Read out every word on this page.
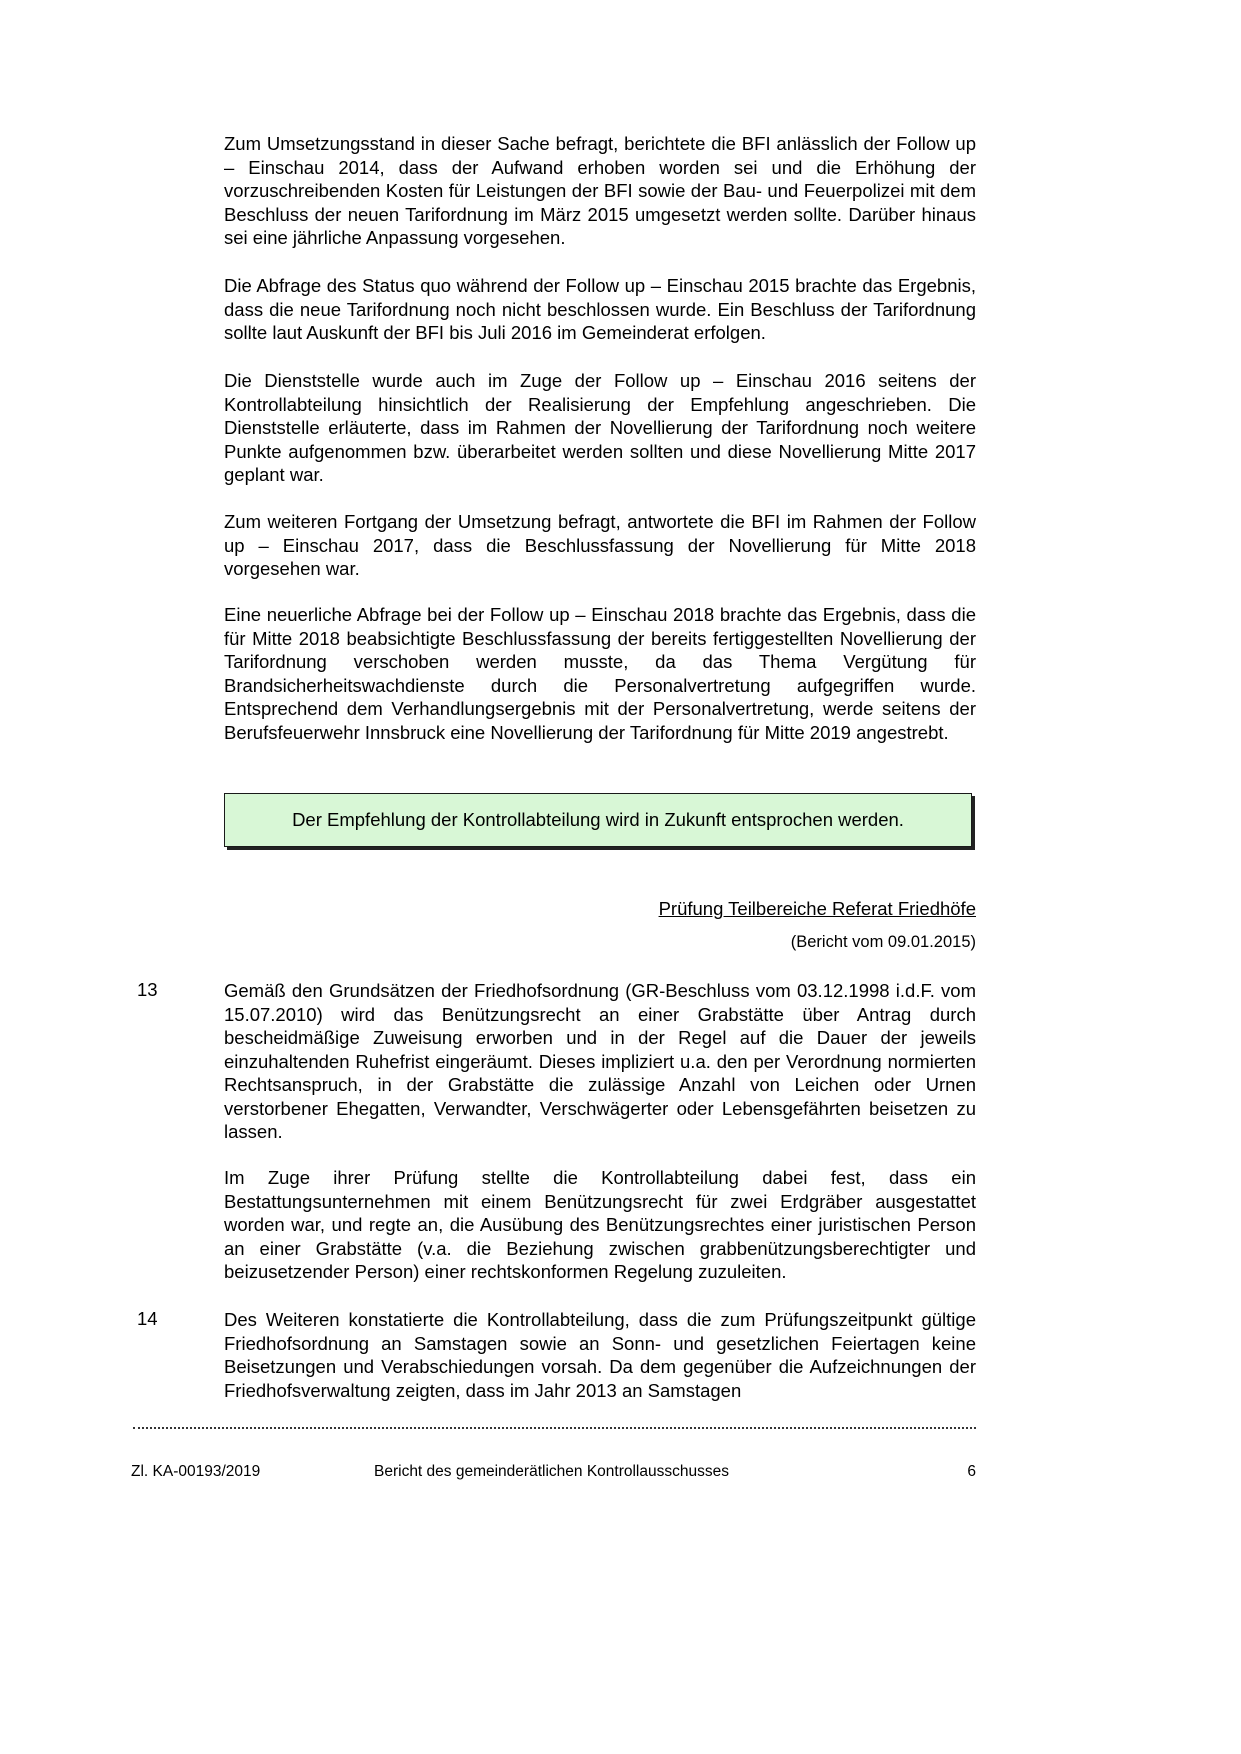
Zum Umsetzungsstand in dieser Sache befragt, berichtete die BFI anlässlich der Follow up – Einschau 2014, dass der Aufwand erhoben worden sei und die Erhöhung der vorzuschreibenden Kosten für Leistungen der BFI sowie der Bau- und Feuerpolizei mit dem Beschluss der neuen Tarifordnung im März 2015 umgesetzt werden sollte. Darüber hinaus sei eine jährliche Anpassung vorgesehen.

Die Abfrage des Status quo während der Follow up – Einschau 2015 brachte das Ergebnis, dass die neue Tarifordnung noch nicht beschlossen wurde. Ein Beschluss der Tarifordnung sollte laut Auskunft der BFI bis Juli 2016 im Gemeinderat erfolgen.

Die Dienststelle wurde auch im Zuge der Follow up – Einschau 2016 seitens der Kontrollabteilung hinsichtlich der Realisierung der Empfehlung angeschrieben. Die Dienststelle erläuterte, dass im Rahmen der Novellierung der Tarifordnung noch weitere Punkte aufgenommen bzw. überarbeitet werden sollten und diese Novellierung Mitte 2017 geplant war.

Zum weiteren Fortgang der Umsetzung befragt, antwortete die BFI im Rahmen der Follow up – Einschau 2017, dass die Beschlussfassung der Novellierung für Mitte 2018 vorgesehen war.

Eine neuerliche Abfrage bei der Follow up – Einschau 2018 brachte das Ergebnis, dass die für Mitte 2018 beabsichtigte Beschlussfassung der bereits fertiggestellten Novellierung der Tarifordnung verschoben werden musste, da das Thema Vergütung für Brandsicherheitswachdienste durch die Personalvertretung aufgegriffen wurde. Entsprechend dem Verhandlungsergebnis mit der Personalvertretung, werde seitens der Berufsfeuerwehr Innsbruck eine Novellierung der Tarifordnung für Mitte 2019 angestrebt.

Der Empfehlung der Kontrollabteilung wird in Zukunft entsprochen werden.
Prüfung Teilbereiche Referat Friedhöfe
(Bericht vom 09.01.2015)
13	Gemäß den Grundsätzen der Friedhofsordnung (GR-Beschluss vom 03.12.1998 i.d.F. vom 15.07.2010) wird das Benützungsrecht an einer Grabstätte über Antrag durch bescheidmäßige Zuweisung erworben und in der Regel auf die Dauer der jeweils einzuhaltenden Ruhefrist eingeräumt. Dieses impliziert u.a. den per Verordnung normierten Rechtsanspruch, in der Grabstätte die zulässige Anzahl von Leichen oder Urnen verstorbener Ehegatten, Verwandter, Verschwägerter oder Lebensgefährten beisetzen zu lassen.

Im Zuge ihrer Prüfung stellte die Kontrollabteilung dabei fest, dass ein Bestattungsunternehmen mit einem Benützungsrecht für zwei Erdgräber ausgestattet worden war, und regte an, die Ausübung des Benützungsrechtes einer juristischen Person an einer Grabstätte (v.a. die Beziehung zwischen grabbenützungsberechtigter und beizusetzender Person) einer rechtskonformen Regelung zuzuleiten.

14	Des Weiteren konstatierte die Kontrollabteilung, dass die zum Prüfungszeitpunkt gültige Friedhofsordnung an Samstagen sowie an Sonn- und gesetzlichen Feiertagen keine Beisetzungen und Verabschiedungen vorsah. Da dem gegenüber die Aufzeichnungen der Friedhofsverwaltung zeigten, dass im Jahr 2013 an Samstagen

Zl. KA-00193/2019	Bericht des gemeinderätlichen Kontrollausschusses	6
